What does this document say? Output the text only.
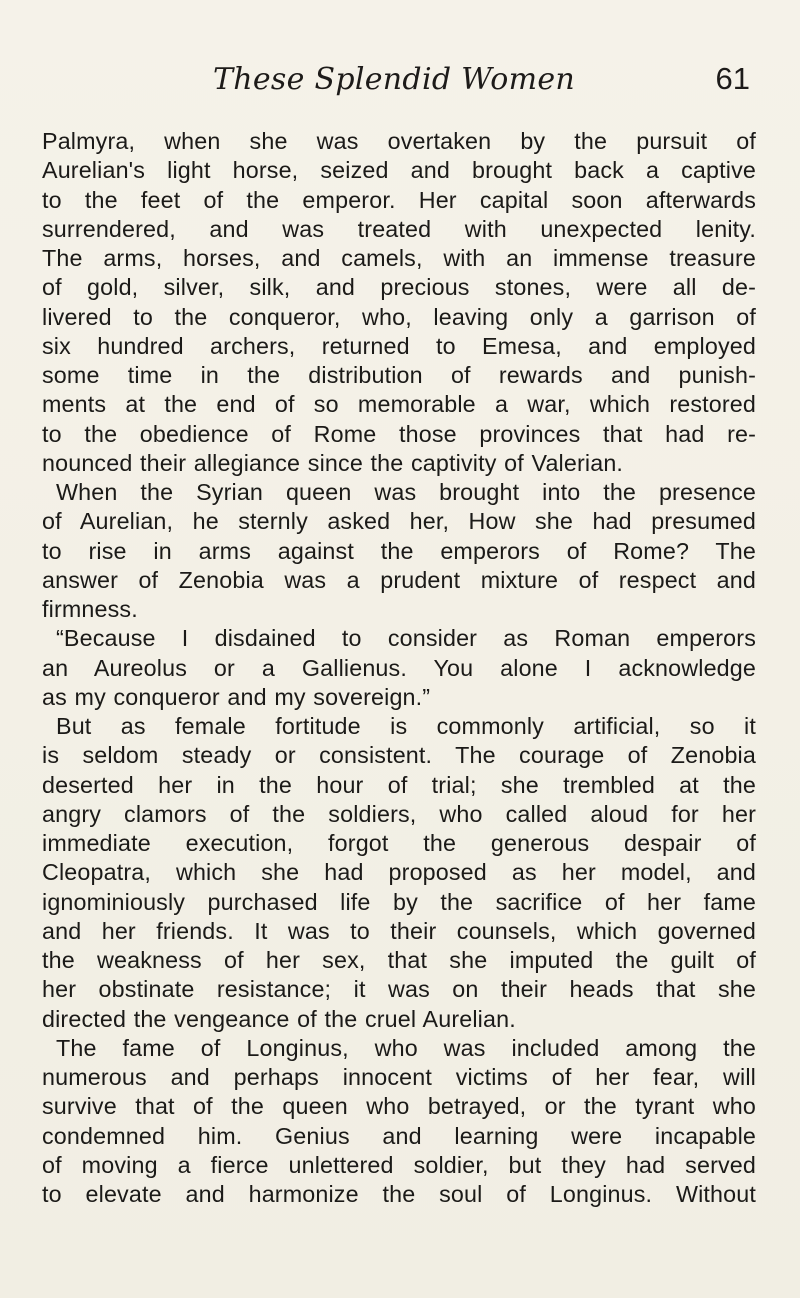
These Splendid Women	61
Palmyra, when she was overtaken by the pursuit of
Aurelian's light horse, seized and brought back a captive
to the feet of the emperor. Her capital soon afterwards
surrendered, and was treated with unexpected lenity.
The arms, horses, and camels, with an immense treasure
of gold, silver, silk, and precious stones, were all de-
livered to the conqueror, who, leaving only a garrison of
six hundred archers, returned to Emesa, and employed
some time in the distribution of rewards and punish-
ments at the end of so memorable a war, which restored
to the obedience of Rome those provinces that had re-
nounced their allegiance since the captivity of Valerian.
When the Syrian queen was brought into the presence
of Aurelian, he sternly asked her, How she had presumed
to rise in arms against the emperors of Rome? The
answer of Zenobia was a prudent mixture of respect and
firmness.
“Because I disdained to consider as Roman emperors
an Aureolus or a Gallienus. You alone I acknowledge
as my conqueror and my sovereign.”
But as female fortitude is commonly artificial, so it
is seldom steady or consistent. The courage of Zenobia
deserted her in the hour of trial; she trembled at the
angry clamors of the soldiers, who called aloud for her
immediate execution, forgot the generous despair of
Cleopatra, which she had proposed as her model, and
ignominiously purchased life by the sacrifice of her fame
and her friends. It was to their counsels, which governed
the weakness of her sex, that she imputed the guilt of
her obstinate resistance; it was on their heads that she
directed the vengeance of the cruel Aurelian.
The fame of Longinus, who was included among the
numerous and perhaps innocent victims of her fear, will
survive that of the queen who betrayed, or the tyrant who
condemned him. Genius and learning were incapable
of moving a fierce unlettered soldier, but they had served
to elevate and harmonize the soul of Longinus. Without
